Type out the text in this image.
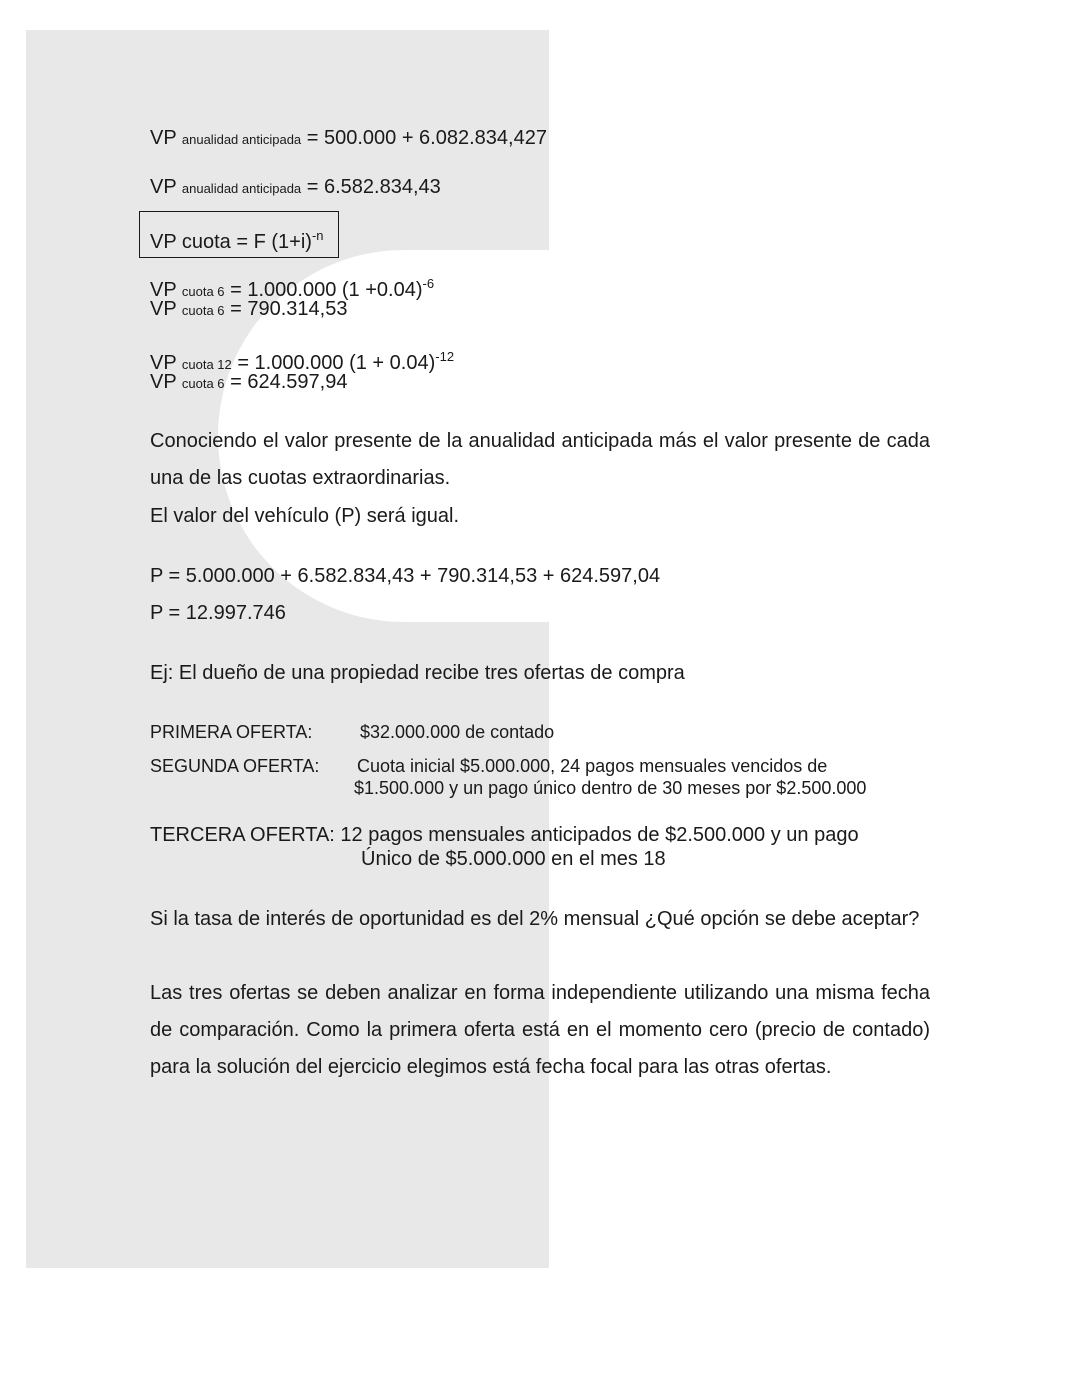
VP anualidad anticipada = 500.000 + 6.082.834,427
VP anualidad anticipada = 6.582.834,43
VP cuota = F $(1+i)^{-n}$
VP cuota 6 = 1.000.000 $(1 +0.04)^{-6}$
VP cuota 6 = 790.314,53
VP cuota 12 = 1.000.000 $(1 + 0.04)^{-12}$
VP cuota 6 = 624.597,94
Conociendo el valor presente de la anualidad anticipada más el valor presente de cada una de las cuotas extraordinarias.
El valor del vehículo (P) será igual.
P = 5.000.000 + 6.582.834,43 + 790.314,53 + 624.597,04
P = 12.997.746
Ej: El dueño de una propiedad recibe tres ofertas de compra
PRIMERA OFERTA:	$32.000.000 de contado
SEGUNDA OFERTA: Cuota inicial $5.000.000, 24 pagos mensuales vencidos de
$1.500.000 y un pago único dentro de 30 meses por $2.500.000
TERCERA OFERTA: 12 pagos mensuales anticipados de $2.500.000 y un pago
Único de $5.000.000 en el mes 18
Si la tasa de interés de oportunidad es del 2% mensual ¿Qué opción se debe aceptar?
Las tres ofertas se deben analizar en forma independiente utilizando una misma fecha de comparación. Como la primera oferta está en el momento cero (precio de contado) para la solución del ejercicio elegimos está fecha focal para las otras ofertas.
